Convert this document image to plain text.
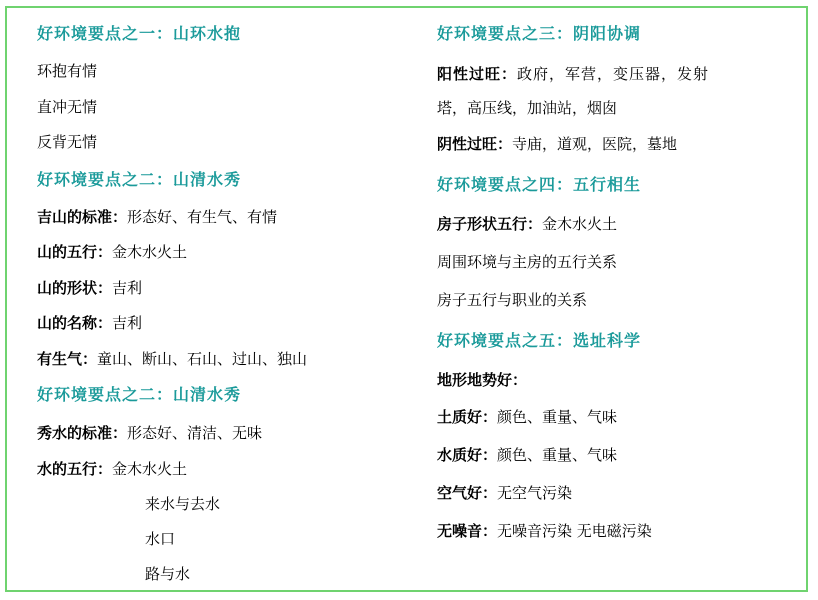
好环境要点之一：山环水抱
环抱有情
直冲无情
反背无情
好环境要点之二：山清水秀
吉山的标准：形态好、有生气、有情
山的五行：金木水火土
山的形状：吉利
山的名称：吉利
有生气：童山、断山、石山、过山、独山
好环境要点之二：山清水秀
秀水的标准：形态好、清洁、无味
水的五行：金木水火土
来水与去水
水口
路与水
好环境要点之三：阴阳协调
阳性过旺：政府，军营，变压器，发射
塔，高压线，加油站，烟囱
阴性过旺：寺庙，道观，医院，墓地
好环境要点之四：五行相生
房子形状五行：金木水火土
周围环境与主房的五行关系
房子五行与职业的关系
好环境要点之五：选址科学
地形地势好：
土质好：颜色、重量、气味
水质好：颜色、重量、气味
空气好：无空气污染
无噪音：无噪音污染 无电磁污染
